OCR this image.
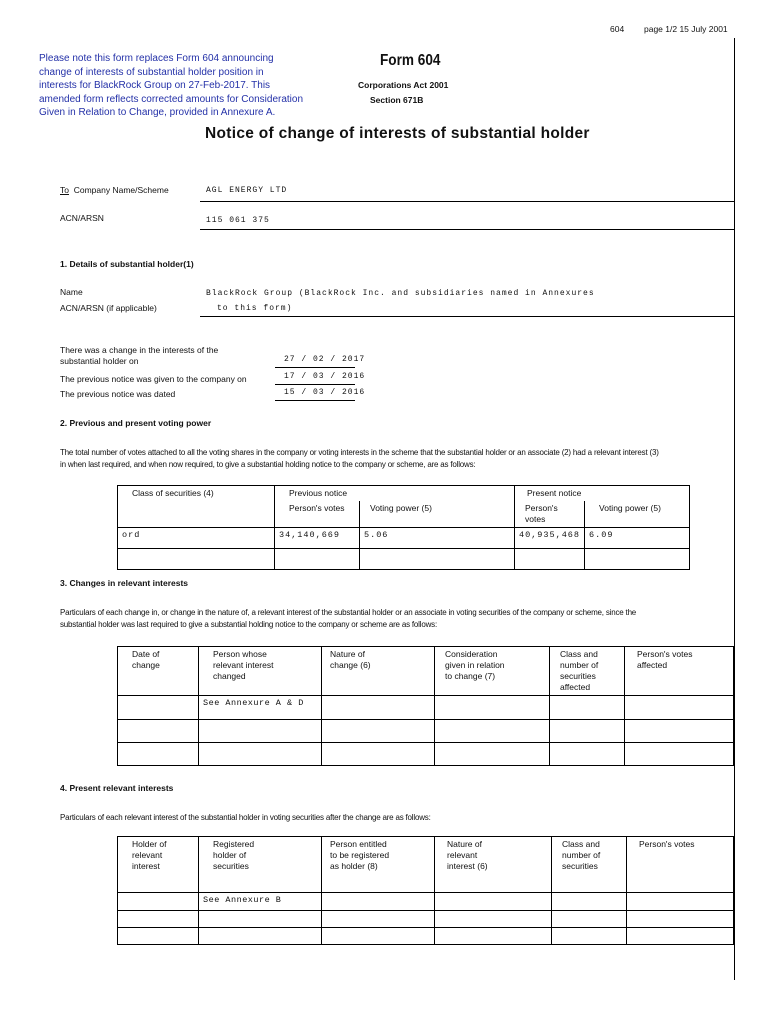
604 page 1/2 15 July 2001
Please note this form replaces Form 604 announcing
change of interests of substantial holder position in
interests for BlackRock Group on 27-Feb-2017. This
amended form reflects corrected amounts for Consideration
Given in Relation to Change, provided in Annexure A.
Form 604
Corporations Act 2001
Section 671B
Notice of change of interests of substantial holder
To Company Name/Scheme	AGL ENERGY LTD
ACN/ARSN	115 061 375
1. Details of substantial holder(1)
Name	BlackRock Group (BlackRock Inc. and subsidiaries named in Annexures
ACN/ARSN (if applicable)	to this form)
There was a change in the interests of the
substantial holder on	27 / 02 / 2017
The previous notice was given to the company on	17 / 03 / 2016
The previous notice was dated	15 / 03 / 2016
2. Previous and present voting power
The total number of votes attached to all the voting shares in the company or voting interests in the scheme that the substantial holder or an associate (2) had a relevant interest (3)
in when last required, and when now required, to give a substantial holding notice to the company or scheme, are as follows:
Class of securities (4)	Previous notice		Present notice	
	Person's votes	Voting power (5)	Person's votes	Voting power (5)
ord	34,140,669	5.06	40,935,468	6.09

3. Changes in relevant interests
Particulars of each change in, or change in the nature of, a relevant interest of the substantial holder or an associate in voting securities of the company or scheme, since the
substantial holder was last required to give a substantial holding notice to the company or scheme are as follows:
Date of
change	Person whose
relevant interest
changed	Nature of
change (6)	Consideration
given in relation
to change (7)	Class and
number of
securities
affected	Person's votes
affected
	See Annexure A & D				

4. Present relevant interests
Particulars of each relevant interest of the substantial holder in voting securities after the change are as follows:
Holder of
relevant
interest	Registered
holder of
securities	Person entitled
to be registered
as holder (8)	Nature of
relevant
interest (6)	Class and
number of
securities	Person's votes
	See Annexure B				
